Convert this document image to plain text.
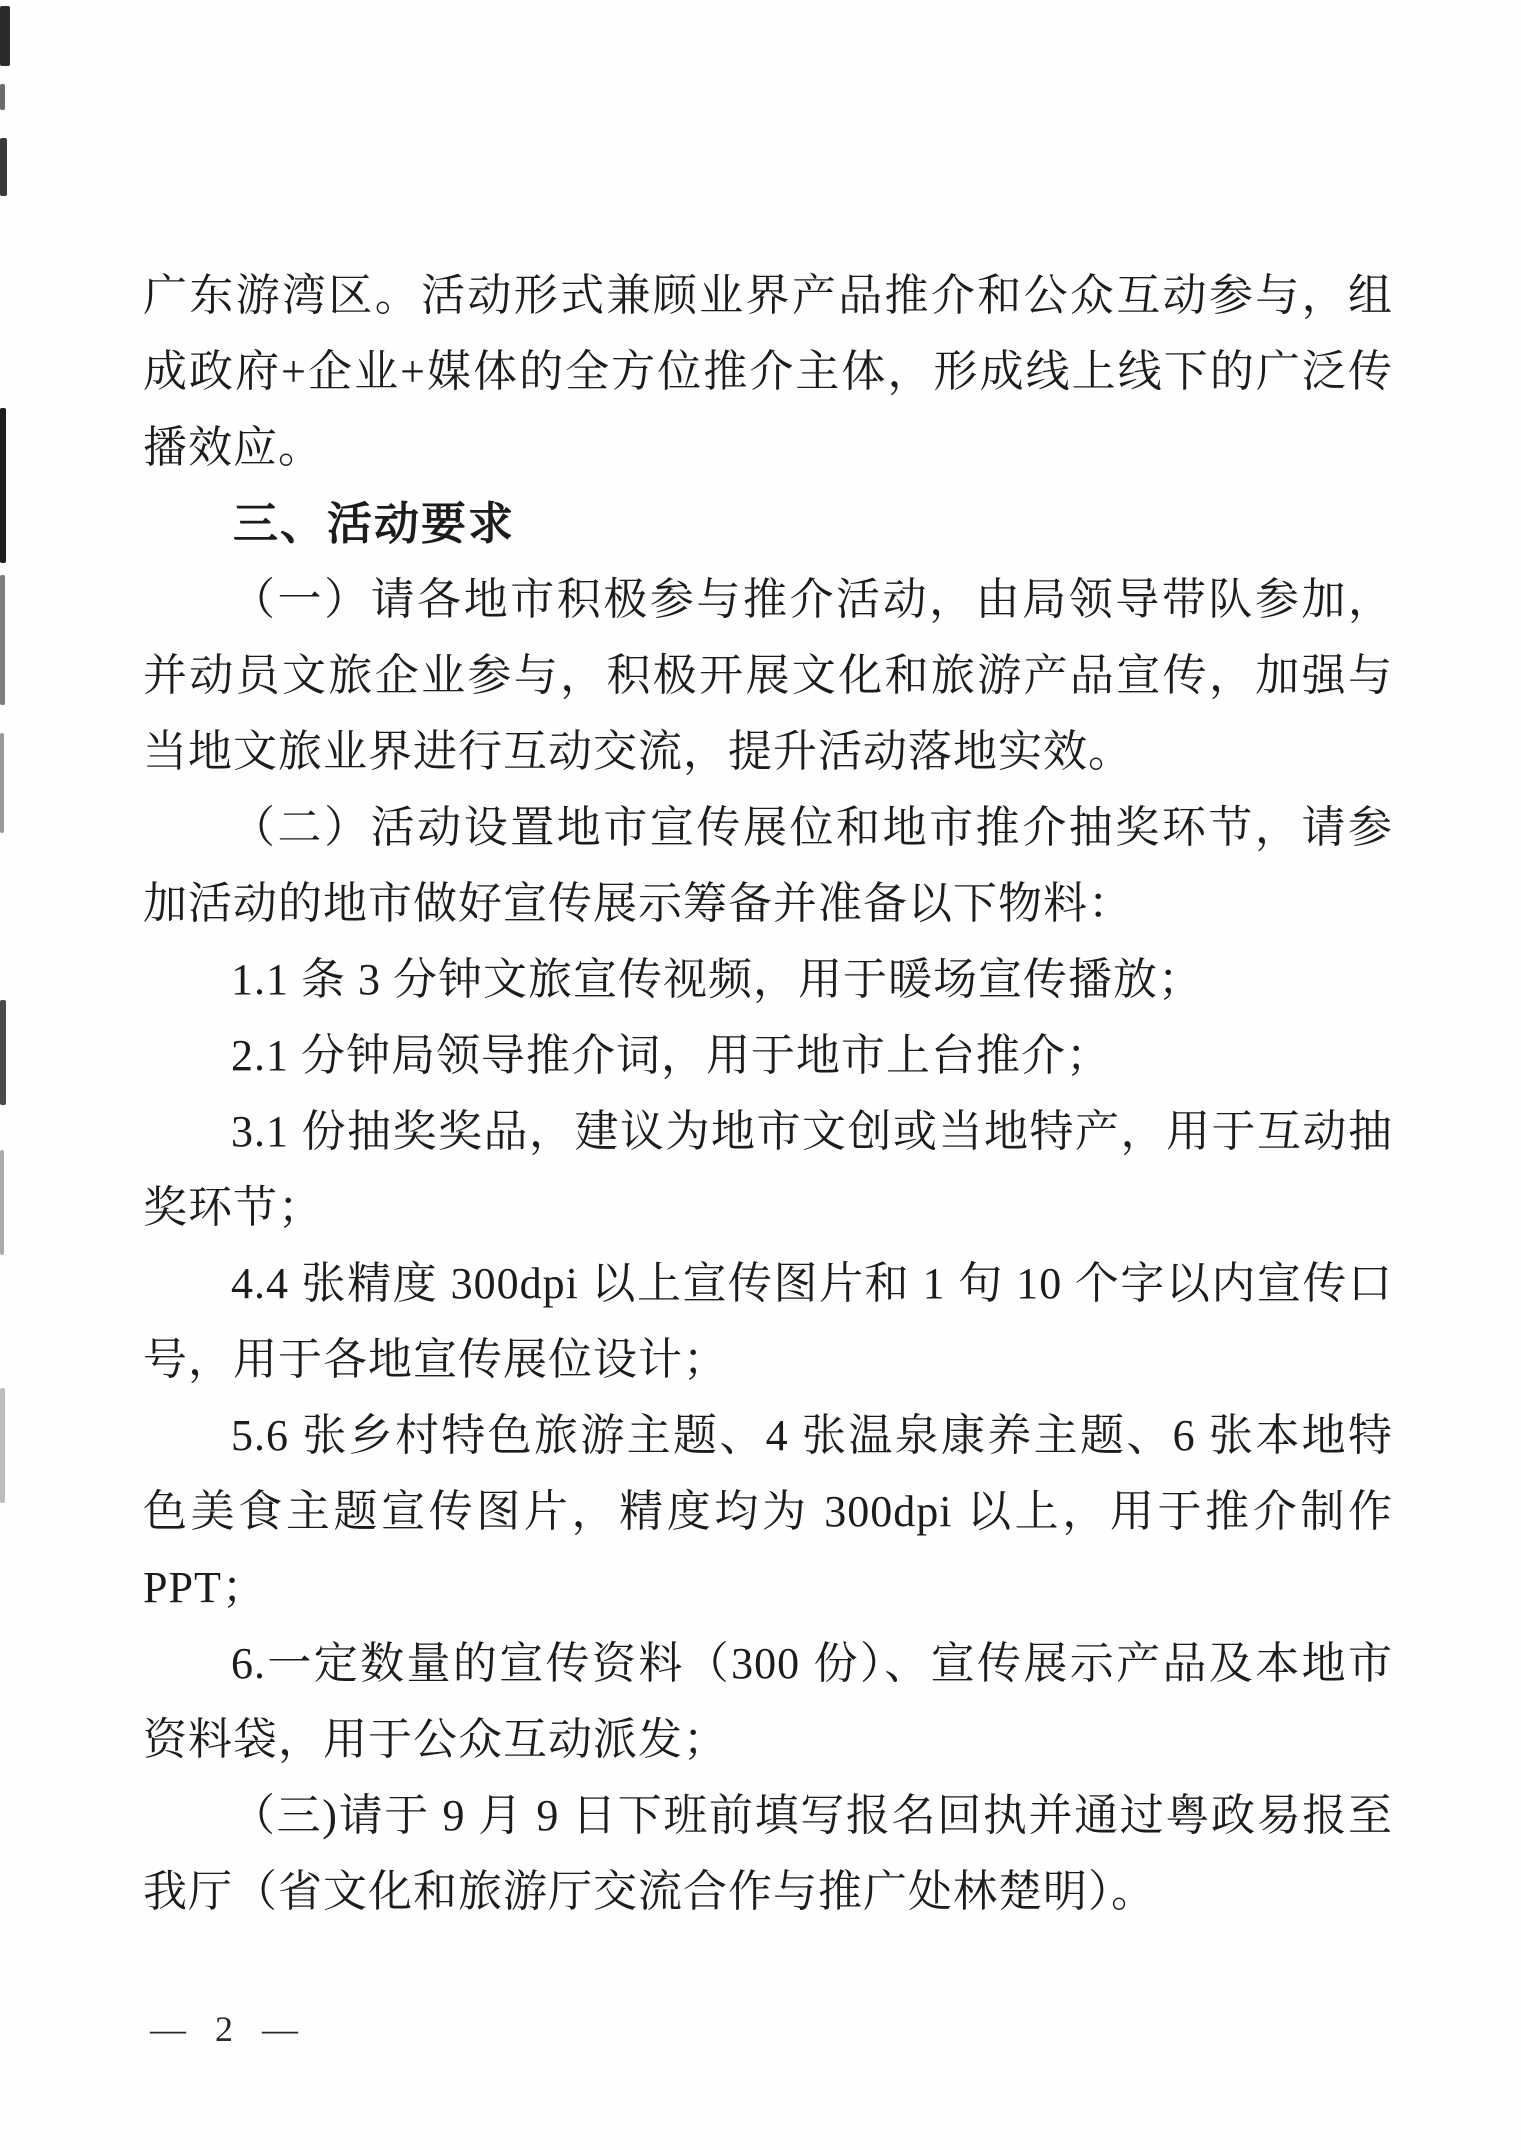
广东游湾区。活动形式兼顾业界产品推介和公众互动参与，组成政府+企业+媒体的全方位推介主体，形成线上线下的广泛传播效应。

三、活动要求

（一）请各地市积极参与推介活动，由局领导带队参加，并动员文旅企业参与，积极开展文化和旅游产品宣传，加强与当地文旅业界进行互动交流，提升活动落地实效。

（二）活动设置地市宣传展位和地市推介抽奖环节，请参加活动的地市做好宣传展示筹备并准备以下物料：

1.1 条 3 分钟文旅宣传视频，用于暖场宣传播放；

2.1 分钟局领导推介词，用于地市上台推介；

3.1 份抽奖奖品，建议为地市文创或当地特产，用于互动抽奖环节；

4.4 张精度 300dpi 以上宣传图片和 1 句 10 个字以内宣传口号，用于各地宣传展位设计；

5.6 张乡村特色旅游主题、4 张温泉康养主题、6 张本地特色美食主题宣传图片，精度均为 300dpi 以上，用于推介制作 PPT；

6.一定数量的宣传资料（300 份）、宣传展示产品及本地市资料袋，用于公众互动派发；

（三)请于 9 月 9 日下班前填写报名回执并通过粤政易报至我厅（省文化和旅游厅交流合作与推广处林楚明）。

— 2 —
